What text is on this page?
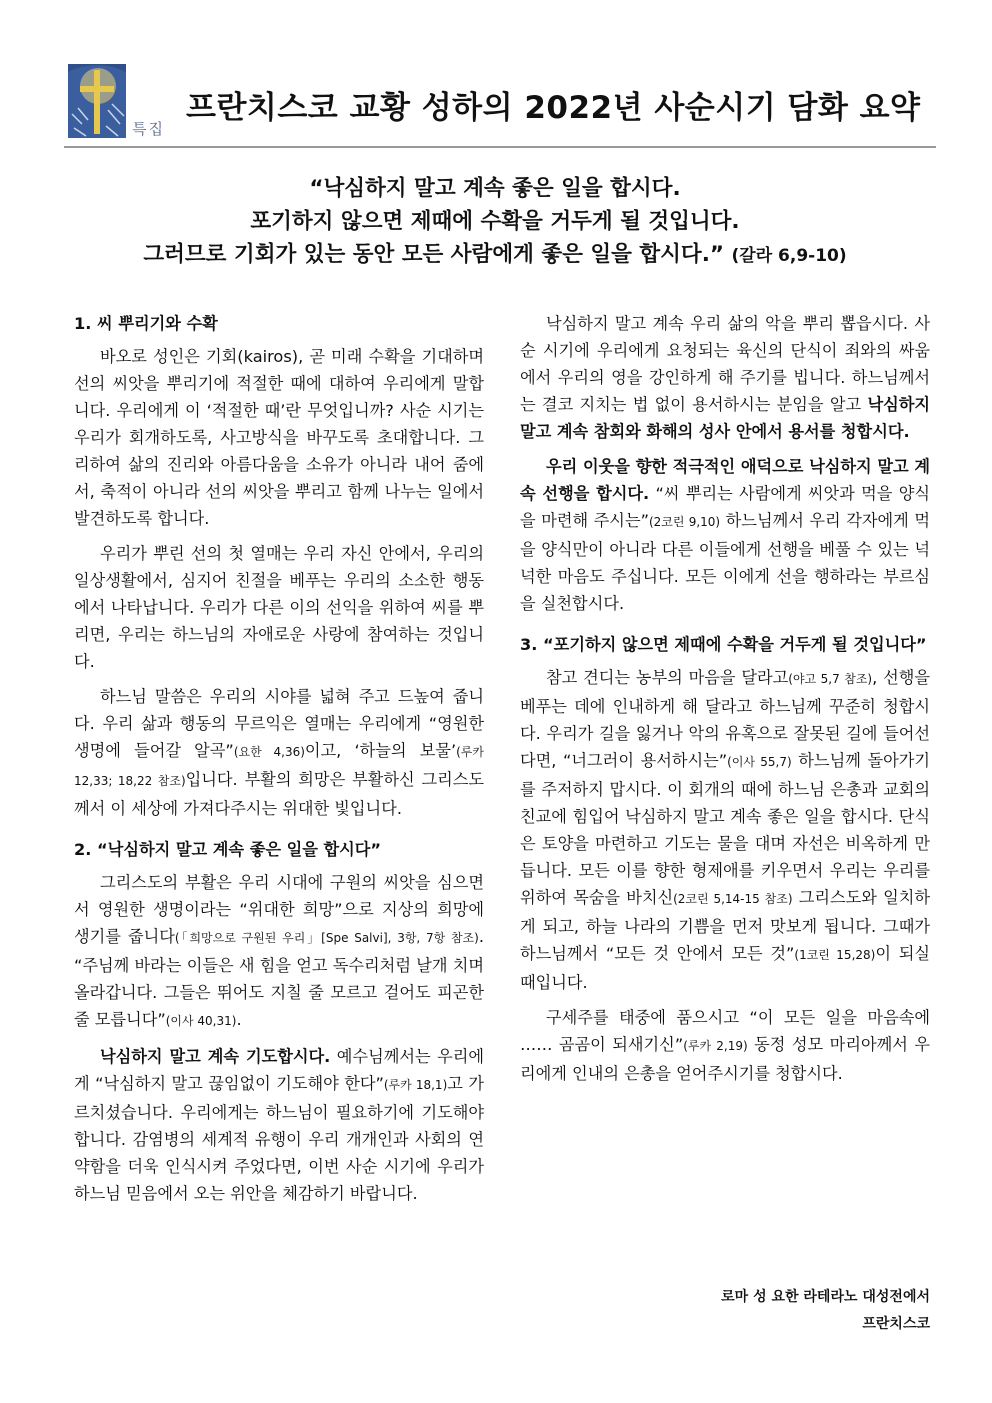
특집
프란치스코 교황 성하의 2022년 사순시기 담화 요약
“낙심하지 말고 계속 좋은 일을 합시다.
포기하지 않으면 제때에 수확을 거두게 될 것입니다.
그러므로 기회가 있는 동안 모든 사람에게 좋은 일을 합시다.” (갈라 6,9-10)
1. 씨 뿌리기와 수확

바오로 성인은 기회(kairos), 곧 미래 수확을 기대하며 선의 씨앗을 뿌리기에 적절한 때에 대하여 우리에게 말합니다. 우리에게 이 ‘적절한 때’란 무엇입니까? 사순 시기는 우리가 회개하도록, 사고방식을 바꾸도록 초대합니다. 그리하여 삶의 진리와 아름다움을 소유가 아니라 내어 줌에서, 축적이 아니라 선의 씨앗을 뿌리고 함께 나누는 일에서 발견하도록 합니다.

우리가 뿌린 선의 첫 열매는 우리 자신 안에서, 우리의 일상생활에서, 심지어 친절을 베푸는 우리의 소소한 행동에서 나타납니다. 우리가 다른 이의 선익을 위하여 씨를 뿌리면, 우리는 하느님의 자애로운 사랑에 참여하는 것입니다.

하느님 말씀은 우리의 시야를 넓혀 주고 드높여 줍니다. 우리 삶과 행동의 무르익은 열매는 우리에게 “영원한 생명에 들어갈 알곡”(요한 4,36)이고, ‘하늘의 보물’(루카 12,33; 18,22 참조)입니다. 부활의 희망은 부활하신 그리스도께서 이 세상에 가져다주시는 위대한 빛입니다.

2. “낙심하지 말고 계속 좋은 일을 합시다”

그리스도의 부활은 우리 시대에 구원의 씨앗을 심으면서 영원한 생명이라는 “위대한 희망”으로 지상의 희망에 생기를 줍니다(「희망으로 구원된 우리」[Spe Salvi], 3항, 7항 참조). “주님께 바라는 이들은 새 힘을 얻고 독수리처럼 날개 치며 올라갑니다. 그들은 뛰어도 지칠 줄 모르고 걸어도 피곤한 줄 모릅니다”(이사 40,31).

낙심하지 말고 계속 기도합시다. 예수님께서는 우리에게 “낙심하지 말고 끊임없이 기도해야 한다”(루카 18,1)고 가르치셨습니다. 우리에게는 하느님이 필요하기에 기도해야 합니다. 감염병의 세계적 유행이 우리 개개인과 사회의 연약함을 더욱 인식시켜 주었다면, 이번 사순 시기에 우리가 하느님 믿음에서 오는 위안을 체감하기 바랍니다.

낙심하지 말고 계속 우리 삶의 악을 뿌리 뽑읍시다. 사순 시기에 우리에게 요청되는 육신의 단식이 죄와의 싸움에서 우리의 영을 강인하게 해 주기를 빕니다. 하느님께서는 결코 지치는 법 없이 용서하시는 분임을 알고 낙심하지 말고 계속 참회와 화해의 성사 안에서 용서를 청합시다.

우리 이웃을 향한 적극적인 애덕으로 낙심하지 말고 계속 선행을 합시다. “씨 뿌리는 사람에게 씨앗과 먹을 양식을 마련해 주시는”(2코린 9,10) 하느님께서 우리 각자에게 먹을 양식만이 아니라 다른 이들에게 선행을 베풀 수 있는 넉넉한 마음도 주십니다. 모든 이에게 선을 행하라는 부르심을 실천합시다.

3. “포기하지 않으면 제때에 수확을 거두게 될 것입니다”

참고 견디는 농부의 마음을 달라고(야고 5,7 참조), 선행을 베푸는 데에 인내하게 해 달라고 하느님께 꾸준히 청합시다. 우리가 길을 잃거나 악의 유혹으로 잘못된 길에 들어선다면, “너그러이 용서하시는”(이사 55,7) 하느님께 돌아가기를 주저하지 맙시다. 이 회개의 때에 하느님 은총과 교회의 친교에 힘입어 낙심하지 말고 계속 좋은 일을 합시다. 단식은 토양을 마련하고 기도는 물을 대며 자선은 비옥하게 만듭니다. 모든 이를 향한 형제애를 키우면서 우리는 우리를 위하여 목숨을 바치신(2코린 5,14-15 참조) 그리스도와 일치하게 되고, 하늘 나라의 기쁨을 먼저 맛보게 됩니다. 그때가 하느님께서 “모든 것 안에서 모든 것”(1코린 15,28)이 되실 때입니다.

구세주를 태중에 품으시고 “이 모든 일을 마음속에 …… 곰곰이 되새기신”(루카 2,19) 동정 성모 마리아께서 우리에게 인내의 은총을 얻어주시기를 청합시다.

로마 성 요한 라테라노 대성전에서
프란치스코
